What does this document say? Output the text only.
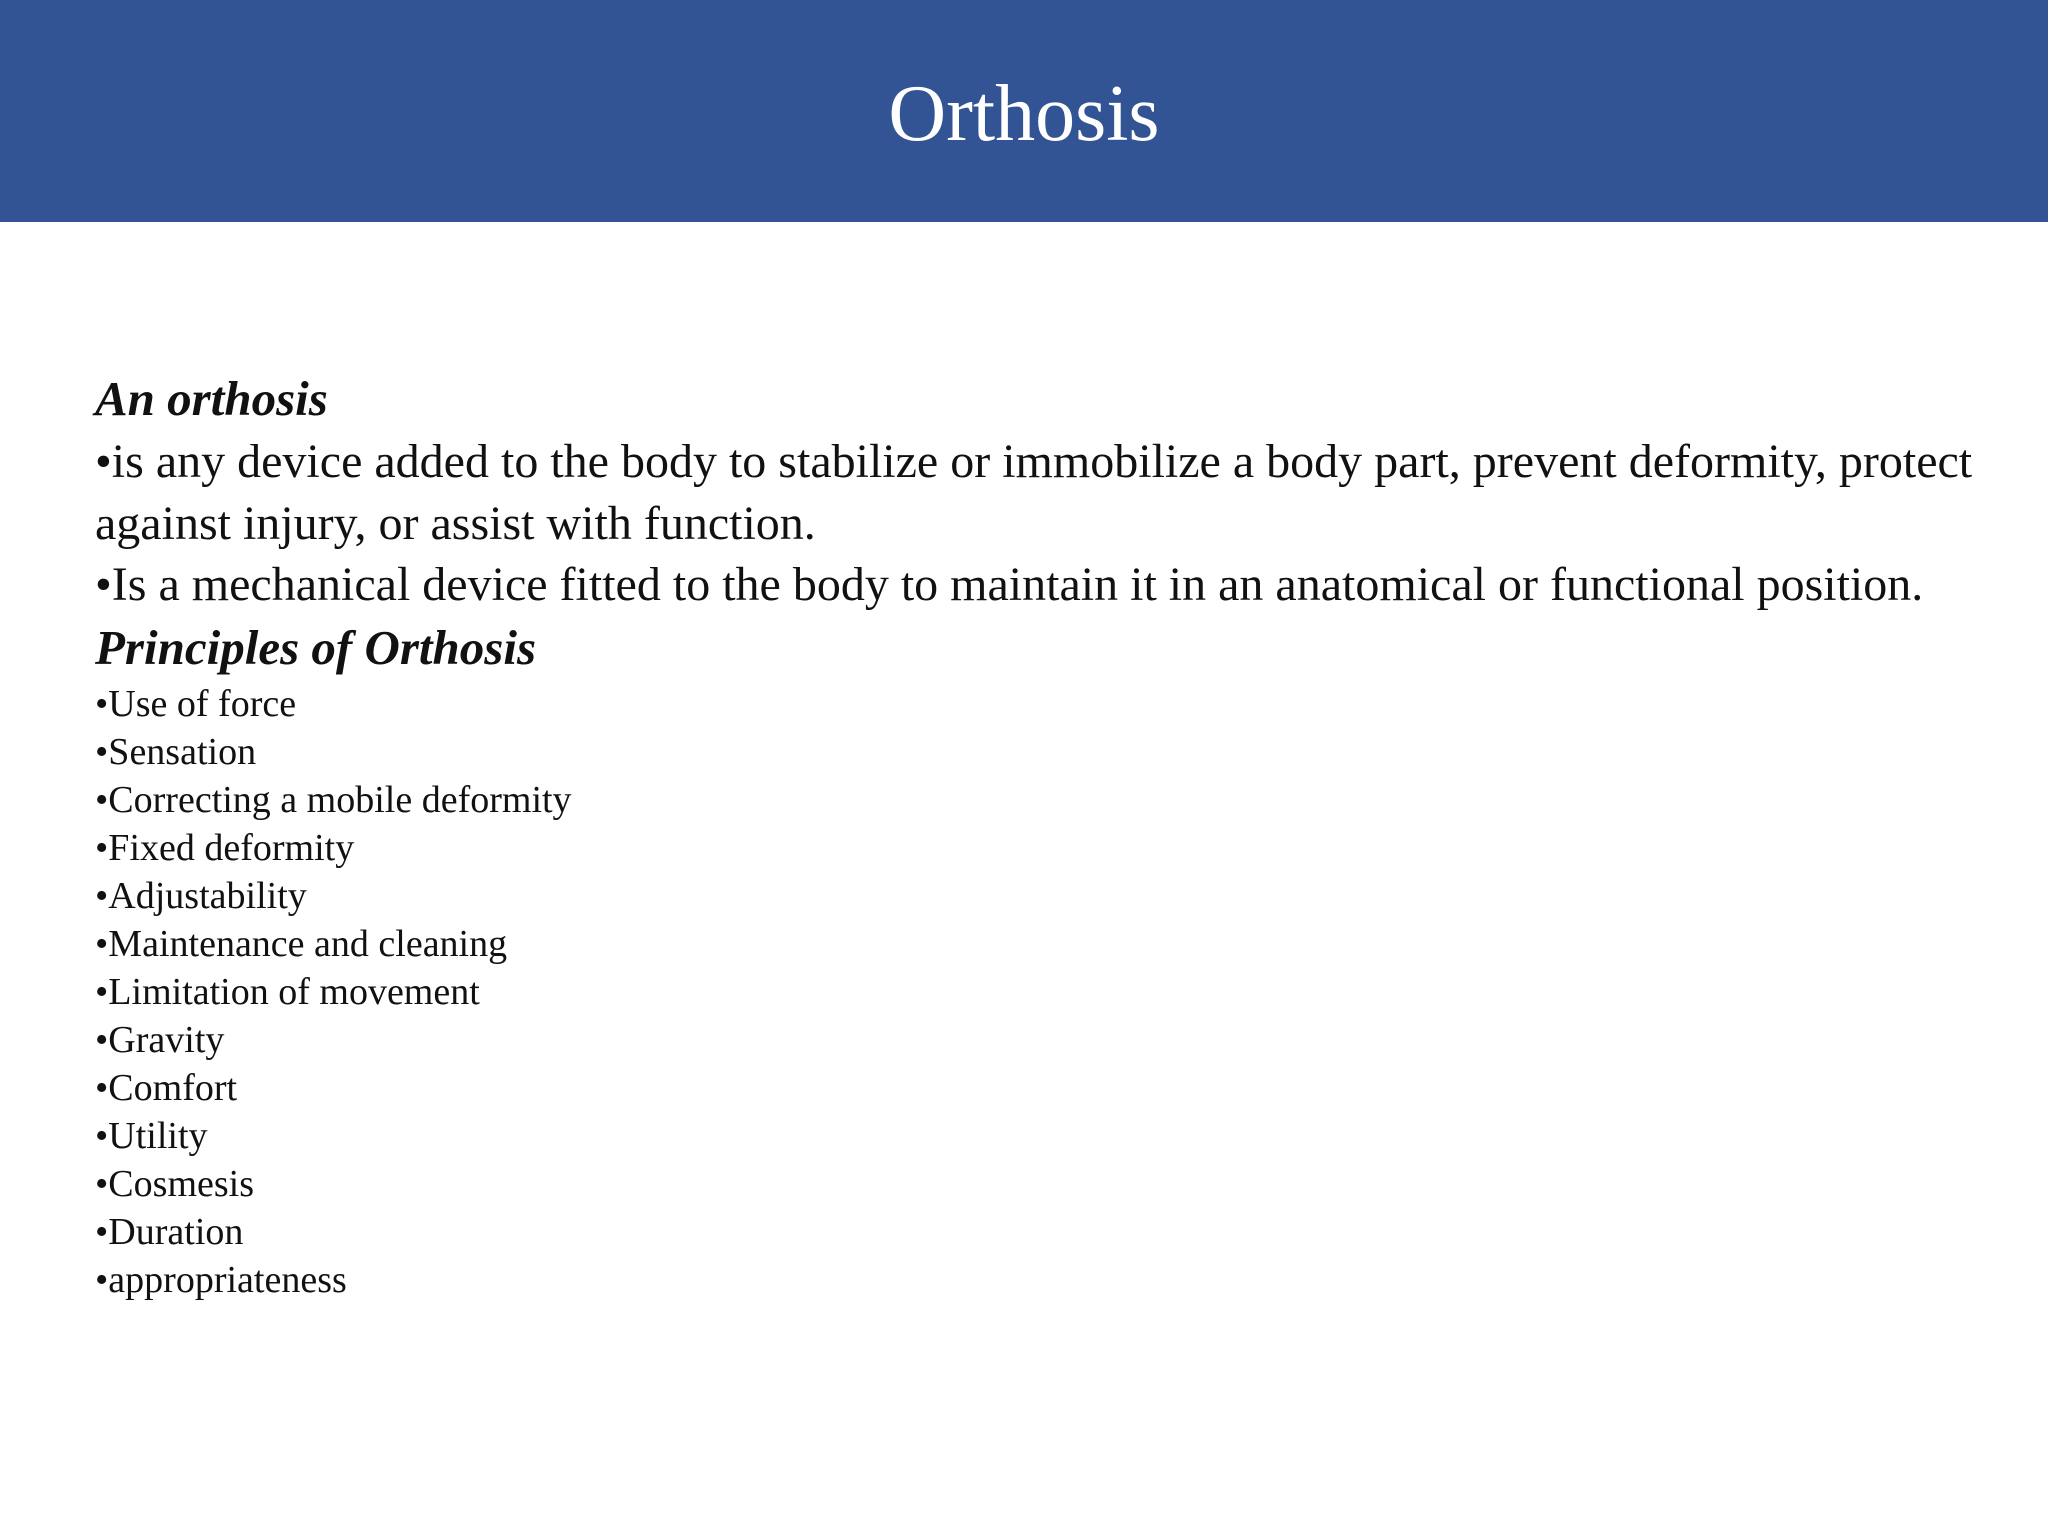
Orthosis

An orthosis

•is any device added to the body to stabilize or immobilize a body part, prevent deformity, protect against injury, or assist with function.
•Is a mechanical device fitted to the body to maintain it in an anatomical or functional position.

Principles of Orthosis

•Use of force
•Sensation
•Correcting a mobile deformity
•Fixed deformity
•Adjustability
•Maintenance and cleaning
•Limitation of movement
•Gravity
•Comfort
•Utility
•Cosmesis
•Duration
•appropriateness
